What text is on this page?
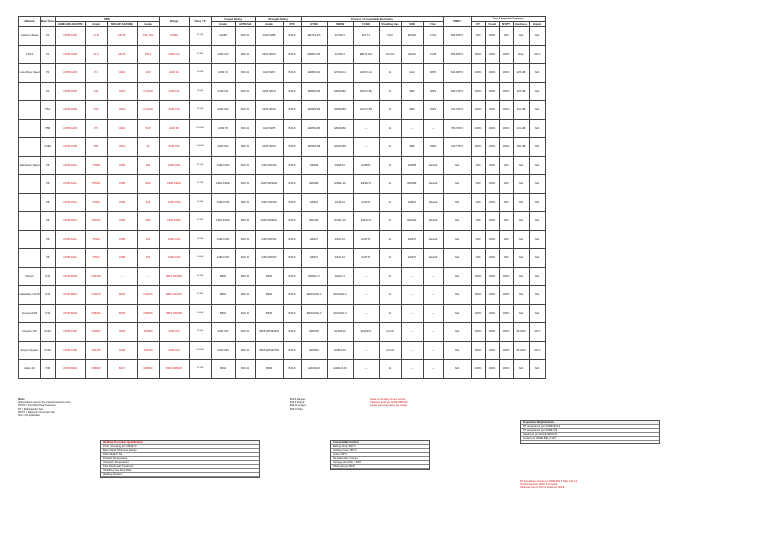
Material	Main Class	PIPE				Flange	Class / Tr	Forged Fitting		Wrought Fitting		Process / Consumable Electrodes						PWHT	Tests & Inspection Frequency				
		ASME B36.10/ASTM	Grade	MSS-SP-43/ASME	Grade			Grade	ASTM Std	Grade	STD	GTAW	SMAW	FCAW	Shielding Gas	SAW	Flux		RT	Visual	MT/PT	Hardness	Impact
Carbon Steel	P1	ASTM A106	Gr.B	API 5L	X42, X52	A105N	CL150	A105N	B16.11	A234 WPB	B16.9	ER70S-3/6	E7018-1	E71T-1	CO2	EM12K	F7A2	595-650°C	10%	100%	10%	N/A	N/A
LTCS	P1	ASTM A333	Gr.6	API 5L	PSL2	A350 LF2	CL300	A350 LF2	B16.11	A420 WPL6	B16.9	ER80S-Ni1	E7018-1	E81T1-Ni1	Ar/CO2	ENi1K	F7A8	595-650°C	100%	100%	100%	Req.	-46°C
Low Alloy Steel	P3	ASTM A335	P1	A691	1CR	A182 F1	CL600	A182 F1	B16.11	A234 WP1	B16.9	ER80S-D2	E7018-A1	E81T1-A1	Ar	EA2	F8P2	620-680°C	100%	100%	100%	225 HB	N/A
	P4	ASTM A335	P11	A691	1-1/4CR	A182 F11	CL600	A182 F11	B16.11	A234 WP11	B16.9	ER80S-B2	E8018-B2	E81T1-B2	Ar	EB2	F8P2	690-740°C	100%	100%	100%	225 HB	N/A
	P5A	ASTM A335	P22	A691	2-1/4CR	A182 F22	CL900	A182 F22	B16.11	A234 WP22	B16.9	ER90S-B3	E9018-B3	E91T1-B3	Ar	EB3	F9P2	700-760°C	100%	100%	100%	241 HB	N/A
	P5B	ASTM A335	P5	A691	5CR	A182 F5	CL1500	A182 F5	B16.11	A234 WP5	B16.9	ER80S-B6	E8018-B6	—	Ar	—	—	705-760°C	100%	100%	100%	241 HB	N/A
	P15E	ASTM A335	P91	A691	91	A182 F91	CL2500	A182 F91	B16.11	A234 WP91	B16.9	ER90S-B9	E9015-B9	—	Ar	EB9	F9PZ	730-775°C	100%	100%	100%	250 HB	N/A
Stainless Steel	P8	ASTM A312	TP304	A358	304	A182 F304	CL150	A182 F304	B16.11	A403 WP304	B16.9	ER308	E308-16	E308T1	Ar	ER308	Neutral	N/A	10%	100%	10%	N/A	N/A
	P8	ASTM A312	TP304L	A358	304L	A182 F304L	CL150	A182 F304L	B16.11	A403 WP304L	B16.9	ER308L	E308L-16	E308LT1	Ar	ER308L	Neutral	N/A	10%	100%	10%	N/A	N/A
	P8	ASTM A312	TP316	A358	316	A182 F316	CL300	A182 F316	B16.11	A403 WP316	B16.9	ER316	E316-16	E316T1	Ar	ER316	Neutral	N/A	10%	100%	10%	N/A	N/A
	P8	ASTM A312	TP316L	A358	316L	A182 F316L	CL300	A182 F316L	B16.11	A403 WP316L	B16.9	ER316L	E316L-16	E316LT1	Ar	ER316L	Neutral	N/A	10%	100%	10%	N/A	N/A
	P8	ASTM A312	TP321	A358	321	A182 F321	CL600	A182 F321	B16.11	A403 WP321	B16.9	ER347	E347-16	E347T1	Ar	ER347	Neutral	N/A	10%	100%	10%	N/A	N/A
	P8	ASTM A312	TP347	A358	347	A182 F347	CL600	A182 F347	B16.11	A403 WP347	B16.9	ER347	E347-16	E347T1	Ar	ER347	Neutral	N/A	10%	100%	10%	N/A	N/A
Monel	P42	ASTM B165	N04400	—	—	B564 N04400	CL150	B564	B16.11	B366	B16.9	ERNiCu-7	ENiCu-7	—	Ar	—	—	N/A	100%	100%	100%	N/A	N/A
Hastelloy C276	P43	ASTM B622	N10276	B619	N10276	B564 N10276	CL300	B564	B16.11	B366	B16.9	ERNiCrMo-4	ENiCrMo-4	—	Ar	—	—	N/A	100%	100%	100%	N/A	N/A
Inconel 625	P43	ASTM B444	N06625	B705	N06625	B564 N06625	CL600	B564	B16.11	B366	B16.9	ERNiCrMo-3	ENiCrMo-3	—	Ar	—	—	N/A	100%	100%	100%	N/A	N/A
Duplex SS	P10H	ASTM A790	S31803	A928	S31803	A182 F51	CL900	A182 F51	B16.11	A815 WPS31803	B16.9	ER2209	E2209-16	E2209T1	Ar+N2	—	—	N/A	100%	100%	100%	28 HRC	-46°C
Super Duplex	P10H	ASTM A790	S32750	A928	S32750	A182 F53	CL1500	A182 F53	B16.11	A815 WPS32750	B16.9	ER2594	E2594-16	—	Ar+N2	—	—	N/A	100%	100%	100%	28 HRC	-46°C
Alloy 20	P45	ASTM B464	N08020	B474	N08020	B462 N08020	CL150	B462	B16.11	B366	B16.9	ER320LR	E320LR-15	—	Ar	—	—	N/A	100%	100%	100%	N/A	N/A
Notes
Abbreviations used in this material selection chart
PWHT = Post Weld Heat Treatment
RT = Radiographic Test
MT/PT = Magnetic / Penetrant Test
N/A = Not Applicable
B16.5 Flanges
B16.9 Fittings
B16.11 Forged
B36.10 Pipe
Notes in red apply to sour service
Hardness limits per NACE MR0175
Impact test temperature per design
Welding Procedure Qualification
P-No. Grouping per ASME IX
Base Metal Thickness Range
Filler Metal F-No.
Preheat Temperature
Interpass Temperature
Post Weld Heat Treatment
Shielding Gas Flow Rate
Welding Position
Consumable Control
Baking Temp 350°C
Holding Oven 150°C
Quiver 65°C
Re-bake Max 2 times
Storage Humidity < 60%
Shelf Life per MFR
Inspection Requirements
RT acceptance per ASME B31.3
PT acceptance per ASME VIII
Hardness per NACE MR0175
Impact per ASME B31.3 323
RT acceptance criteria per ASME B31.3 Table 341.3.2
Visual inspection 100% of all welds
Hardness test on 10% of welds per NACE
